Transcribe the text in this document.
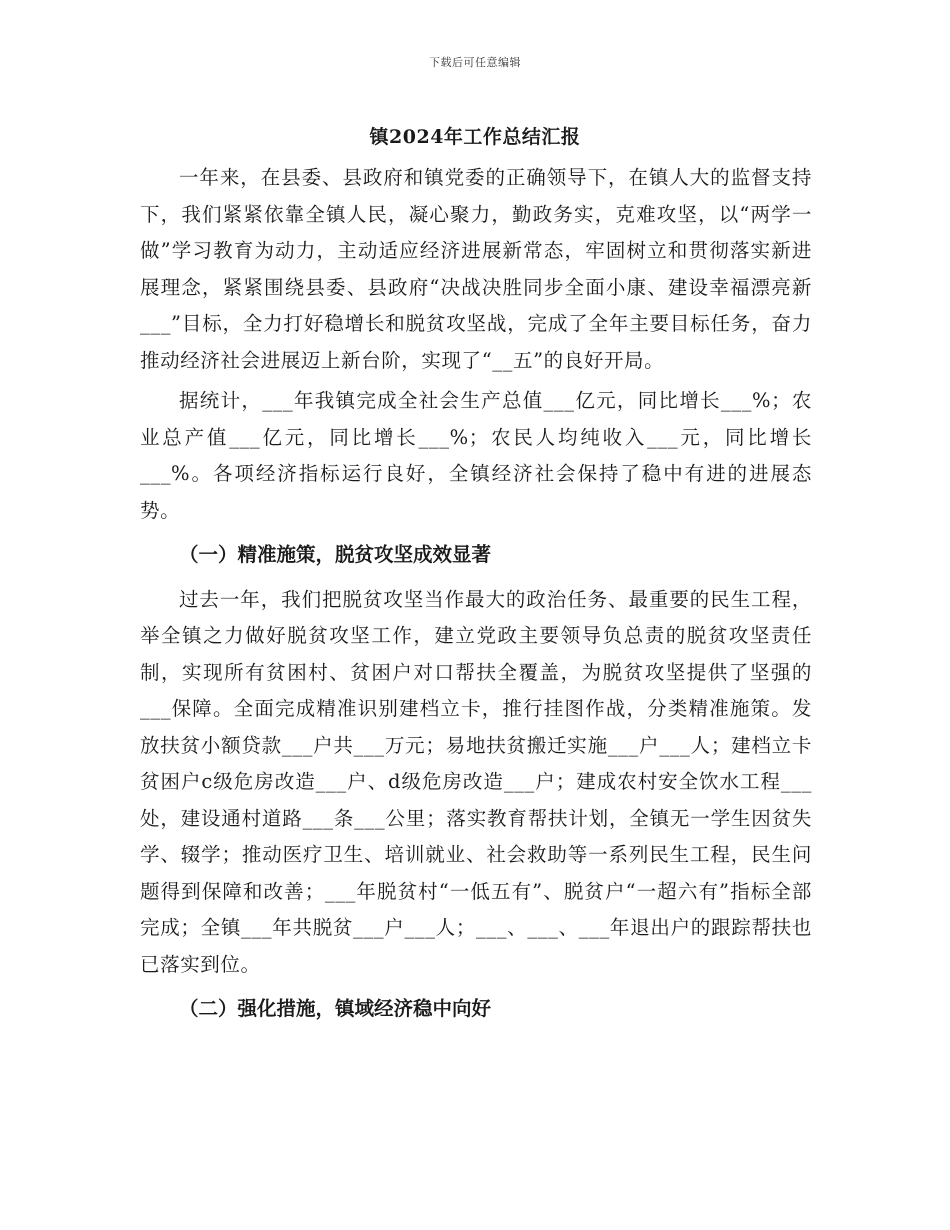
下载后可任意编辑
镇2024年工作总结汇报

一年来，在县委、县政府和镇党委的正确领导下，在镇人大的监督支持下，我们紧紧依靠全镇人民，凝心聚力，勤政务实，克难攻坚，以“两学一做”学习教育为动力，主动适应经济进展新常态，牢固树立和贯彻落实新进展理念，紧紧围绕县委、县政府“决战决胜同步全面小康、建设幸福漂亮新___”目标，全力打好稳增长和脱贫攻坚战，完成了全年主要目标任务，奋力推动经济社会进展迈上新台阶，实现了“__五”的良好开局。

据统计，___年我镇完成全社会生产总值___亿元，同比增长___%；农业总产值___亿元，同比增长___%；农民人均纯收入___元，同比增长___%。各项经济指标运行良好，全镇经济社会保持了稳中有进的进展态势。

（一）精准施策，脱贫攻坚成效显著

过去一年，我们把脱贫攻坚当作最大的政治任务、最重要的民生工程，举全镇之力做好脱贫攻坚工作，建立党政主要领导负总责的脱贫攻坚责任制，实现所有贫困村、贫困户对口帮扶全覆盖，为脱贫攻坚提供了坚强的___保障。全面完成精准识别建档立卡，推行挂图作战，分类精准施策。发放扶贫小额贷款___户共___万元；易地扶贫搬迁实施___户___人；建档立卡贫困户c级危房改造___户、d级危房改造___户；建成农村安全饮水工程___处，建设通村道路___条___公里；落实教育帮扶计划，全镇无一学生因贫失学、辍学；推动医疗卫生、培训就业、社会救助等一系列民生工程，民生问题得到保障和改善；___年脱贫村“一低五有”、脱贫户“一超六有”指标全部完成；全镇___年共脱贫___户___人；___、___、___年退出户的跟踪帮扶也已落实到位。

（二）强化措施，镇域经济稳中向好
